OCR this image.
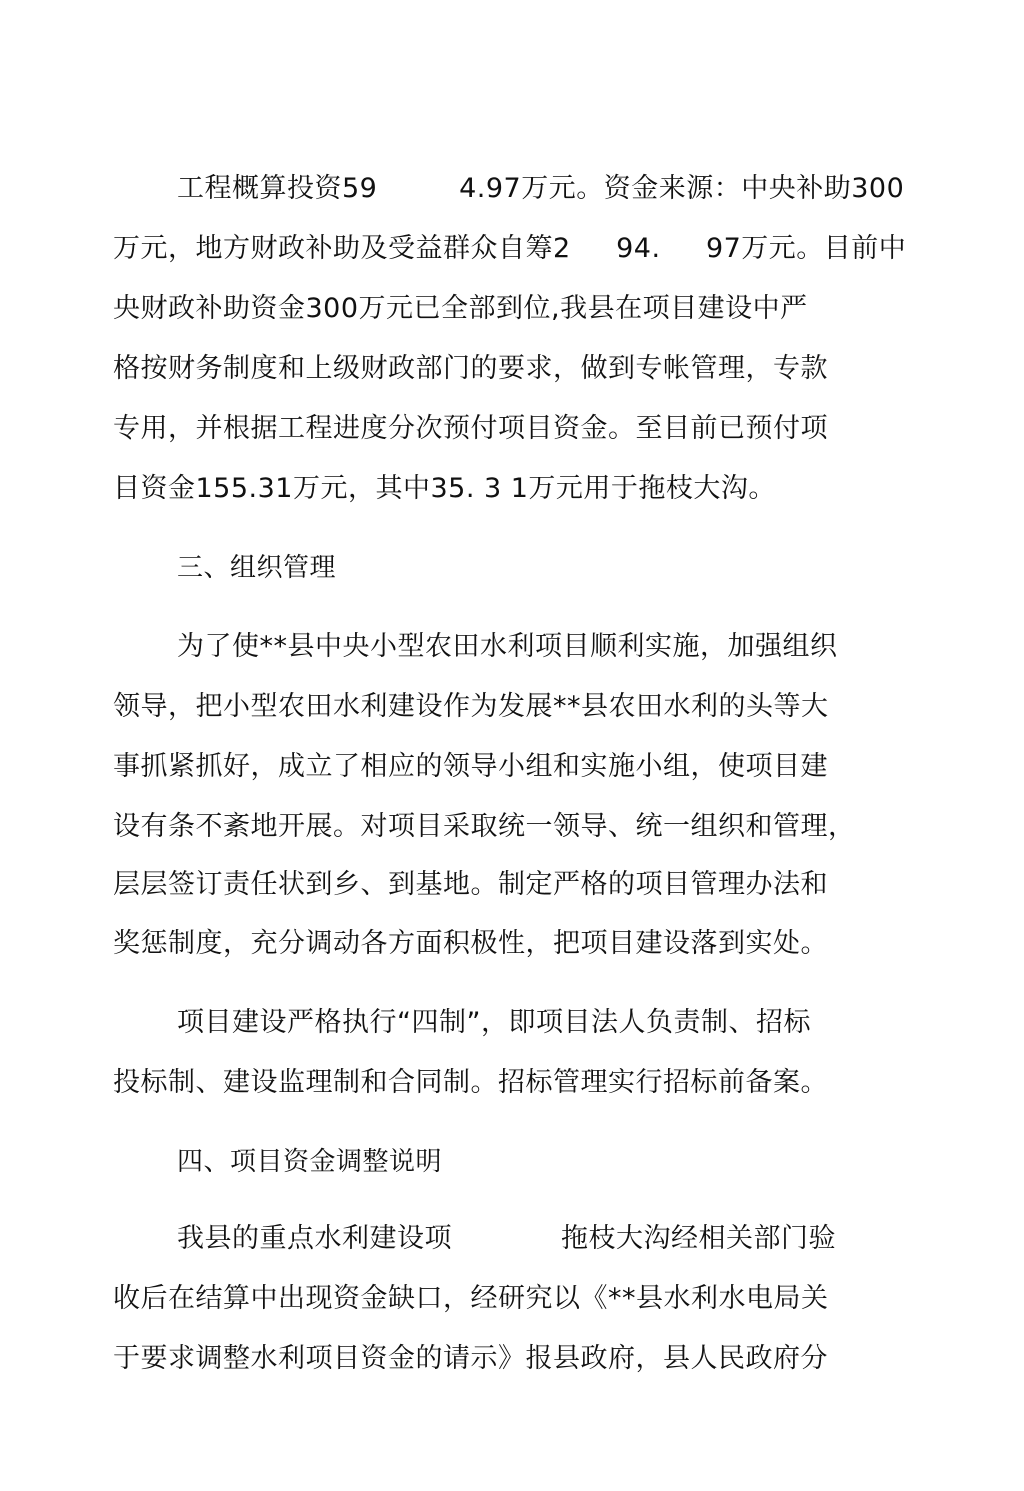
工程概算投资59         4.97万元。资金来源：中央补助300
万元，地方财政补助及受益群众自筹2     94.     97万元。目前中
央财政补助资金300万元已全部到位,我县在项目建设中严
格按财务制度和上级财政部门的要求，做到专帐管理，专款
专用，并根据工程进度分次预付项目资金。至目前已预付项
目资金155.31万元，其中35. 3 1万元用于拖枝大沟。
三、组织管理
为了使**县中央小型农田水利项目顺利实施，加强组织
领导，把小型农田水利建设作为发展**县农田水利的头等大
事抓紧抓好，成立了相应的领导小组和实施小组，使项目建
设有条不紊地开展。对项目采取统一领导、统一组织和管理，
层层签订责任状到乡、到基地。制定严格的项目管理办法和
奖惩制度，充分调动各方面积极性，把项目建设落到实处。
项目建设严格执行“四制”，即项目法人负责制、招标
投标制、建设监理制和合同制。招标管理实行招标前备案。
四、项目资金调整说明
我县的重点水利建设项            拖枝大沟经相关部门验
收后在结算中出现资金缺口，经研究以《**县水利水电局关
于要求调整水利项目资金的请示》报县政府，县人民政府分
